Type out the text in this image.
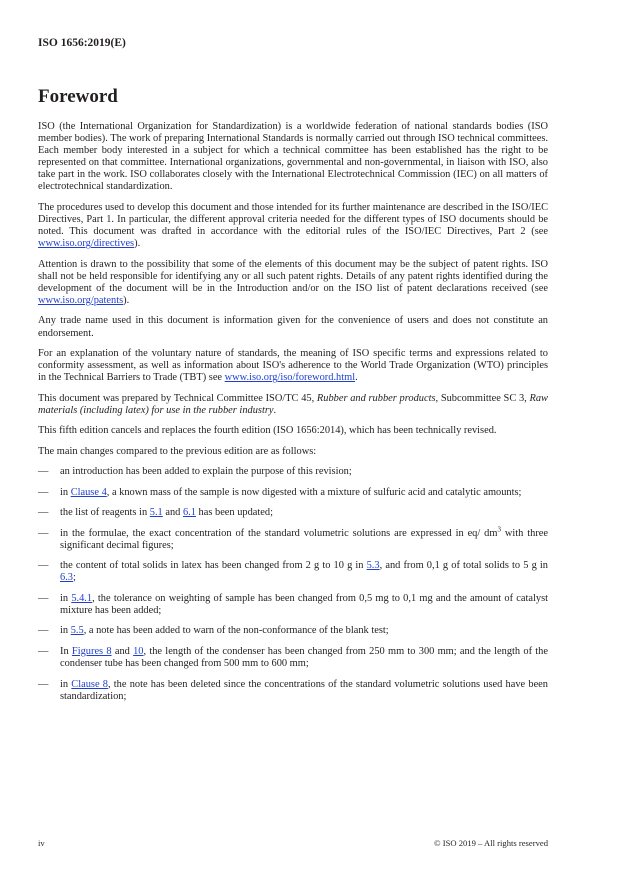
ISO 1656:2019(E)
Foreword

ISO (the International Organization for Standardization) is a worldwide federation of national standards bodies (ISO member bodies). The work of preparing International Standards is normally carried out through ISO technical committees. Each member body interested in a subject for which a technical committee has been established has the right to be represented on that committee. International organizations, governmental and non-governmental, in liaison with ISO, also take part in the work. ISO collaborates closely with the International Electrotechnical Commission (IEC) on all matters of electrotechnical standardization.

The procedures used to develop this document and those intended for its further maintenance are described in the ISO/IEC Directives, Part 1. In particular, the different approval criteria needed for the different types of ISO documents should be noted. This document was drafted in accordance with the editorial rules of the ISO/IEC Directives, Part 2 (see www.iso.org/directives).

Attention is drawn to the possibility that some of the elements of this document may be the subject of patent rights. ISO shall not be held responsible for identifying any or all such patent rights. Details of any patent rights identified during the development of the document will be in the Introduction and/or on the ISO list of patent declarations received (see www.iso.org/patents).

Any trade name used in this document is information given for the convenience of users and does not constitute an endorsement.

For an explanation of the voluntary nature of standards, the meaning of ISO specific terms and expressions related to conformity assessment, as well as information about ISO's adherence to the World Trade Organization (WTO) principles in the Technical Barriers to Trade (TBT) see www.iso.org/iso/foreword.html.

This document was prepared by Technical Committee ISO/TC 45, Rubber and rubber products, Subcommittee SC 3, Raw materials (including latex) for use in the rubber industry.

This fifth edition cancels and replaces the fourth edition (ISO 1656:2014), which has been technically revised.

The main changes compared to the previous edition are as follows:

—	an introduction has been added to explain the purpose of this revision;
—	in Clause 4, a known mass of the sample is now digested with a mixture of sulfuric acid and catalytic amounts;
—	the list of reagents in 5.1 and 6.1 has been updated;
—	in the formulae, the exact concentration of the standard volumetric solutions are expressed in eq/ $dm^3$ with three significant decimal figures;
—	the content of total solids in latex has been changed from 2 g to 10 g in 5.3, and from 0,1 g of total solids to 5 g in 6.3;
—	in 5.4.1, the tolerance on weighting of sample has been changed from 0,5 mg to 0,1 mg and the amount of catalyst mixture has been added;
—	in 5.5, a note has been added to warn of the non-conformance of the blank test;
—	In Figures 8 and 10, the length of the condenser has been changed from 250 mm to 300 mm; and the length of the condenser tube has been changed from 500 mm to 600 mm;
—	in Clause 8, the note has been deleted since the concentrations of the standard volumetric solutions used have been standardization;
iv	© ISO 2019 – All rights reserved
